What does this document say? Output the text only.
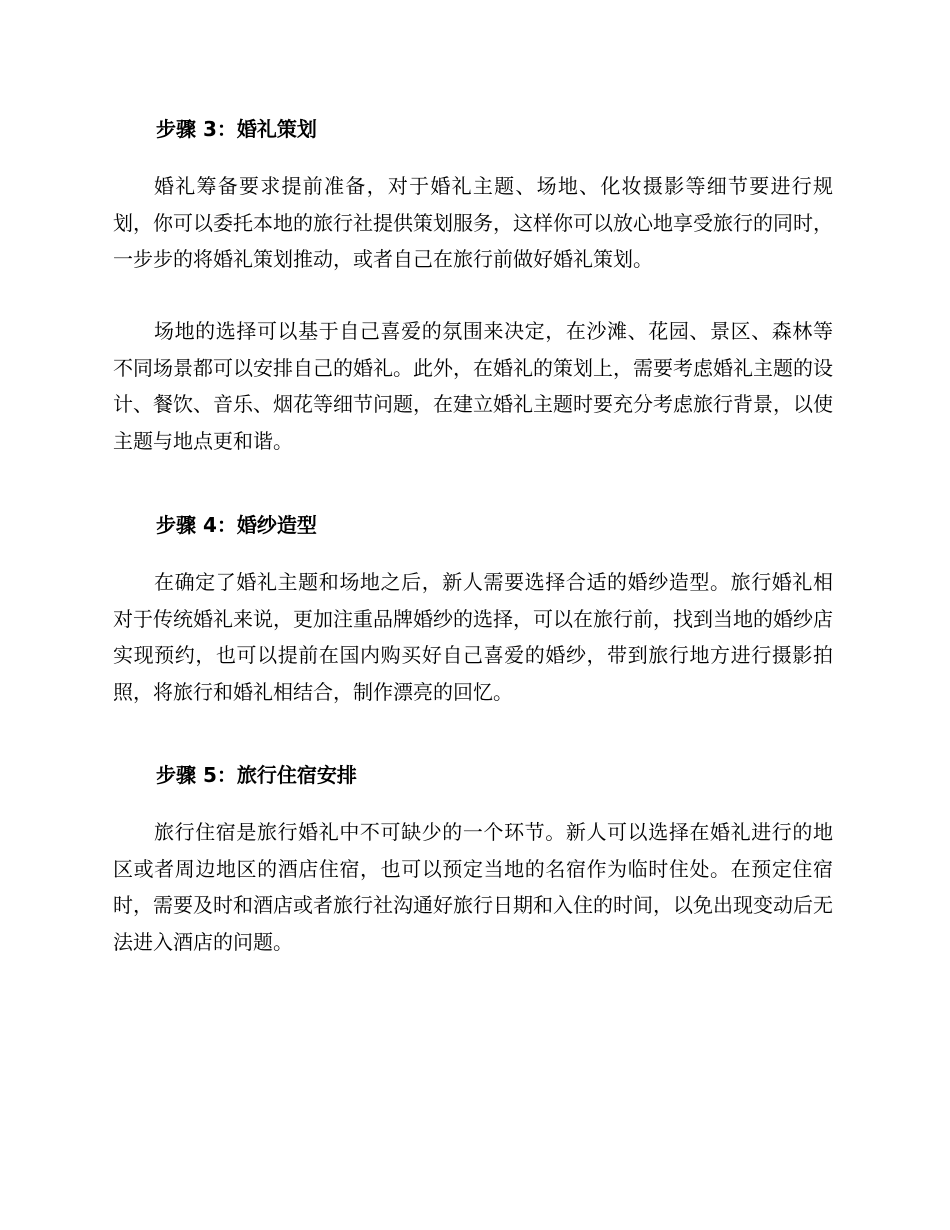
步骤 3：婚礼策划

婚礼筹备要求提前准备，对于婚礼主题、场地、化妆摄影等细节要进行规划，你可以委托本地的旅行社提供策划服务，这样你可以放心地享受旅行的同时，一步步的将婚礼策划推动，或者自己在旅行前做好婚礼策划。

场地的选择可以基于自己喜爱的氛围来决定，在沙滩、花园、景区、森林等不同场景都可以安排自己的婚礼。此外，在婚礼的策划上，需要考虑婚礼主题的设计、餐饮、音乐、烟花等细节问题，在建立婚礼主题时要充分考虑旅行背景，以使主题与地点更和谐。

步骤 4：婚纱造型

在确定了婚礼主题和场地之后，新人需要选择合适的婚纱造型。旅行婚礼相对于传统婚礼来说，更加注重品牌婚纱的选择，可以在旅行前，找到当地的婚纱店实现预约，也可以提前在国内购买好自己喜爱的婚纱，带到旅行地方进行摄影拍照，将旅行和婚礼相结合，制作漂亮的回忆。

步骤 5：旅行住宿安排

旅行住宿是旅行婚礼中不可缺少的一个环节。新人可以选择在婚礼进行的地区或者周边地区的酒店住宿，也可以预定当地的名宿作为临时住处。在预定住宿时，需要及时和酒店或者旅行社沟通好旅行日期和入住的时间，以免出现变动后无法进入酒店的问题。
